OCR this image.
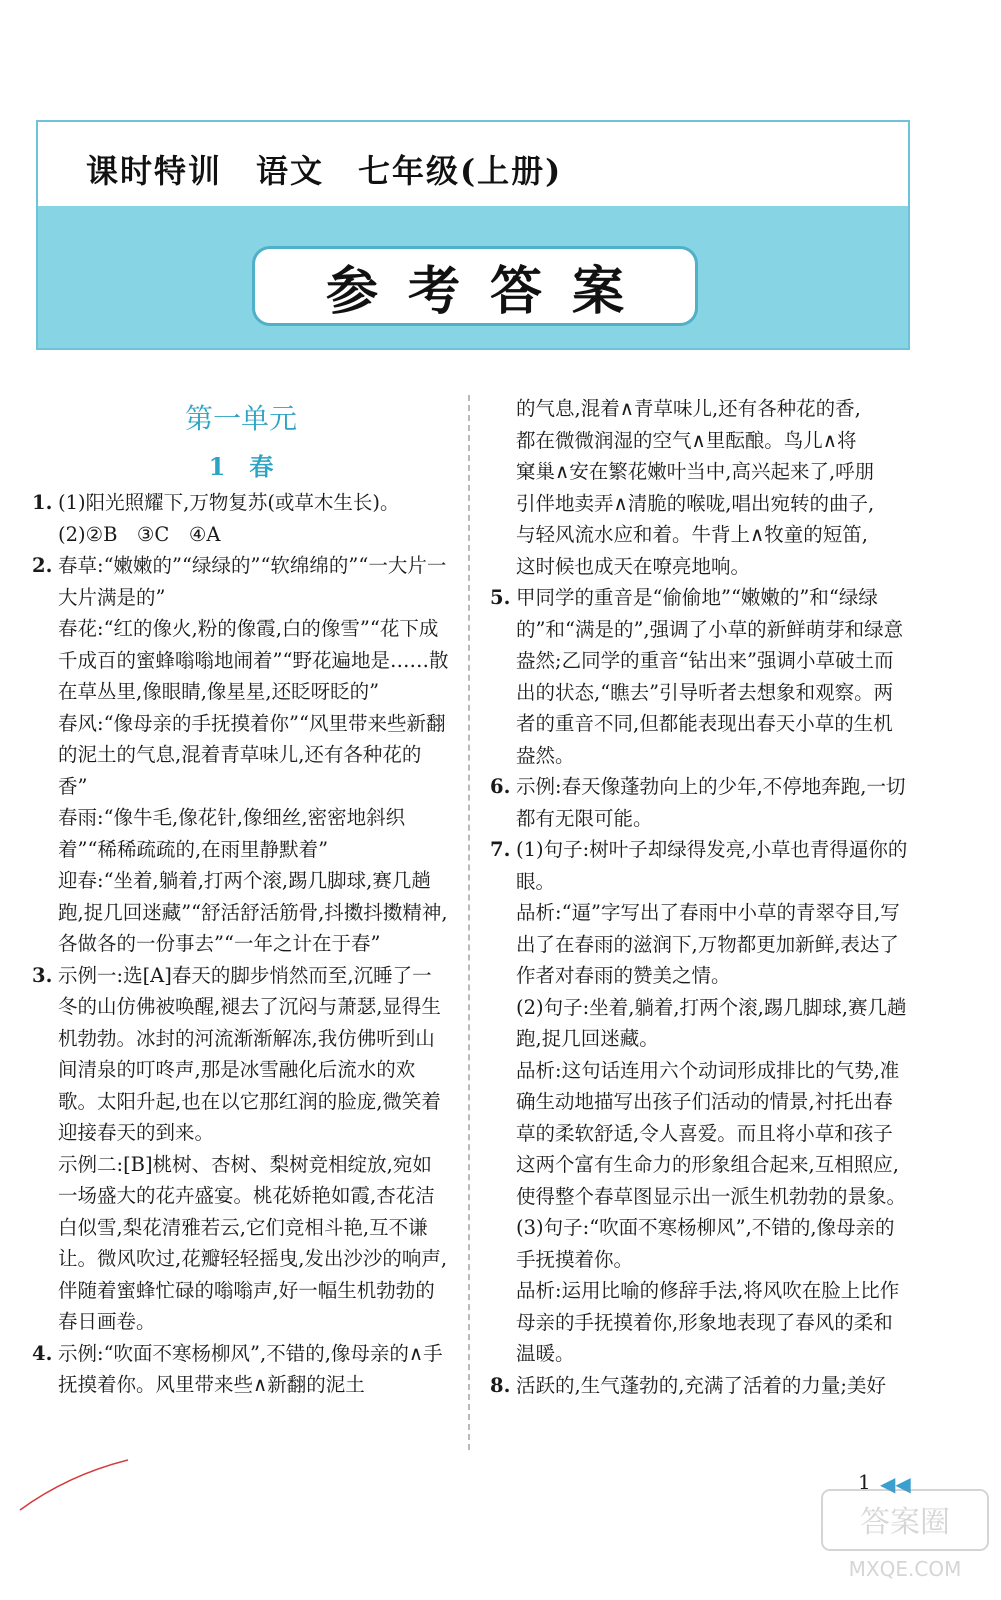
课时特训　语文　七年级(上册)
参考答案
第一单元
1 春
1. (1)阳光照耀下,万物复苏(或草木生长)。
(2)②B　③C　④A
2. 春草:“嫩嫩的”“绿绿的”“软绵绵的”“一大片一大片满是的”
春花:“红的像火,粉的像霞,白的像雪”“花下成千成百的蜜蜂嗡嗡地闹着”“野花遍地是……散在草丛里,像眼睛,像星星,还眨呀眨的”
春风:“像母亲的手抚摸着你”“风里带来些新翻的泥土的气息,混着青草味儿,还有各种花的香”
春雨:“像牛毛,像花针,像细丝,密密地斜织着”“稀稀疏疏的,在雨里静默着”
迎春:“坐着,躺着,打两个滚,踢几脚球,赛几趟跑,捉几回迷藏”“舒活舒活筋骨,抖擞抖擞精神,各做各的一份事去”“一年之计在于春”
3. 示例一:选[A]春天的脚步悄然而至,沉睡了一冬的山仿佛被唤醒,褪去了沉闷与萧瑟,显得生机勃勃。冰封的河流渐渐解冻,我仿佛听到山间清泉的叮咚声,那是冰雪融化后流水的欢歌。太阳升起,也在以它那红润的脸庞,微笑着迎接春天的到来。
示例二:[B]桃树、杏树、梨树竞相绽放,宛如一场盛大的花卉盛宴。桃花娇艳如霞,杏花洁白似雪,梨花清雅若云,它们竞相斗艳,互不谦让。微风吹过,花瓣轻轻摇曳,发出沙沙的响声,伴随着蜜蜂忙碌的嗡嗡声,好一幅生机勃勃的春日画卷。
4. 示例:“吹面不寒杨柳风”,不错的,像母亲的∧手抚摸着你。风里带来些∧新翻的泥土
的气息,混着∧青草味儿,还有各种花的香,
都在微微润湿的空气∧里酝酿。鸟儿∧将
窠巢∧安在繁花嫩叶当中,高兴起来了,呼朋
引伴地卖弄∧清脆的喉咙,唱出宛转的曲子,
与轻风流水应和着。牛背上∧牧童的短笛,
这时候也成天在嘹亮地响。
5. 甲同学的重音是“偷偷地”“嫩嫩的”和“绿绿的”和“满是的”,强调了小草的新鲜萌芽和绿意盎然;乙同学的重音“钻出来”强调小草破土而出的状态,“瞧去”引导听者去想象和观察。两者的重音不同,但都能表现出春天小草的生机盎然。
6. 示例:春天像蓬勃向上的少年,不停地奔跑,一切都有无限可能。
7. (1)句子:树叶子却绿得发亮,小草也青得逼你的眼。
品析:“逼”字写出了春雨中小草的青翠夺目,写出了在春雨的滋润下,万物都更加新鲜,表达了作者对春雨的赞美之情。
(2)句子:坐着,躺着,打两个滚,踢几脚球,赛几趟跑,捉几回迷藏。
品析:这句话连用六个动词形成排比的气势,准确生动地描写出孩子们活动的情景,衬托出春草的柔软舒适,令人喜爱。而且将小草和孩子这两个富有生命力的形象组合起来,互相照应,使得整个春草图显示出一派生机勃勃的景象。
(3)句子:“吹面不寒杨柳风”,不错的,像母亲的手抚摸着你。
品析:运用比喻的修辞手法,将风吹在脸上比作母亲的手抚摸着你,形象地表现了春风的柔和温暖。
8. 活跃的,生气蓬勃的,充满了活着的力量;美好
1 ◀◀
答案圈
MXQE.COM
